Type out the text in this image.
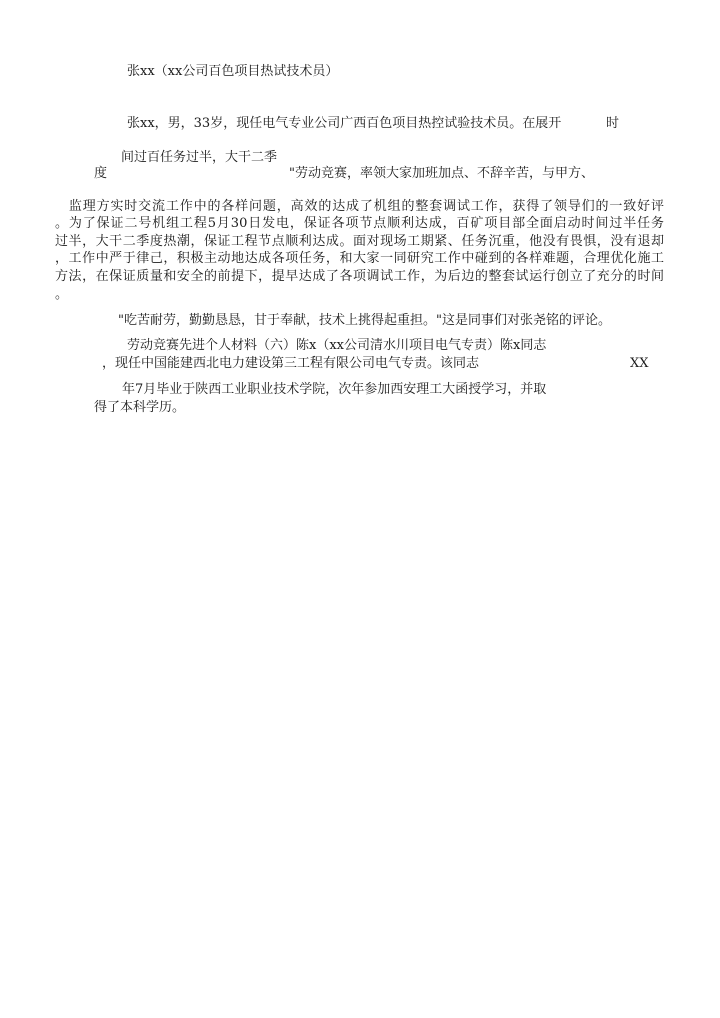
张xx（xx公司百色项目热试技术员）
张xx，男，33岁，现任电气专业公司广西百色项目热控试验技术员。在展开	时
间过百任务过半，大干二季
度	"劳动竞赛，率领大家加班加点、不辞辛苦，与甲方、
　监理方实时交流工作中的各样问题，高效的达成了机组的整套调试工作，获得了领导们的一致好评
。为了保证二号机组工程5月30日发电，保证各项节点顺利达成，百矿项目部全面启动时间过半任务
过半，大干二季度热潮，保证工程节点顺利达成。面对现场工期紧、任务沉重，他没有畏惧，没有退却
，工作中严于律己，积极主动地达成各项任务，和大家一同研究工作中碰到的各样难题，合理优化施工
方法，在保证质量和安全的前提下，提早达成了各项调试工作，为后边的整套试运行创立了充分的时间
。
"吃苦耐劳，勤勤恳恳，甘于奉献，技术上挑得起重担。"这是同事们对张尧铭的评论。
劳动竞赛先进个人材料（六）陈x（xx公司清水川项目电气专责）陈x同志
，现任中国能建西北电力建设第三工程有限公司电气专责。该同志	XX
年7月毕业于陕西工业职业技术学院，次年参加西安理工大函授学习，并取
得了本科学历。
